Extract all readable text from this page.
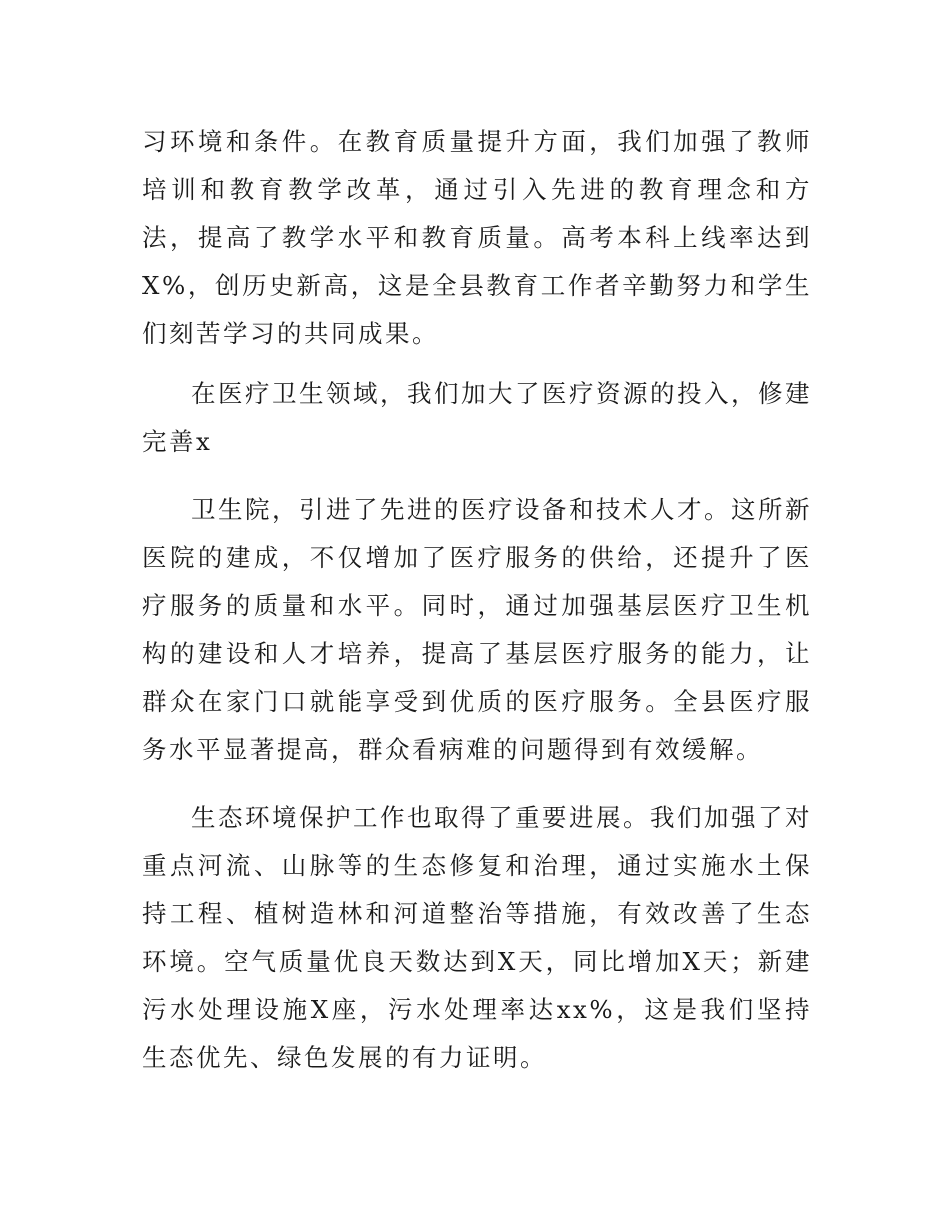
习环境和条件。在教育质量提升方面，我们加强了教师培训和教育教学改革，通过引入先进的教育理念和方法，提高了教学水平和教育质量。高考本科上线率达到X%，创历史新高，这是全县教育工作者辛勤努力和学生们刻苦学习的共同成果。

在医疗卫生领域，我们加大了医疗资源的投入，修建完善x

卫生院，引进了先进的医疗设备和技术人才。这所新医院的建成，不仅增加了医疗服务的供给，还提升了医疗服务的质量和水平。同时，通过加强基层医疗卫生机构的建设和人才培养，提高了基层医疗服务的能力，让群众在家门口就能享受到优质的医疗服务。全县医疗服务水平显著提高，群众看病难的问题得到有效缓解。

生态环境保护工作也取得了重要进展。我们加强了对重点河流、山脉等的生态修复和治理，通过实施水土保持工程、植树造林和河道整治等措施，有效改善了生态环境。空气质量优良天数达到X天，同比增加X天；新建污水处理设施X座，污水处理率达xx%，这是我们坚持生态优先、绿色发展的有力证明。
